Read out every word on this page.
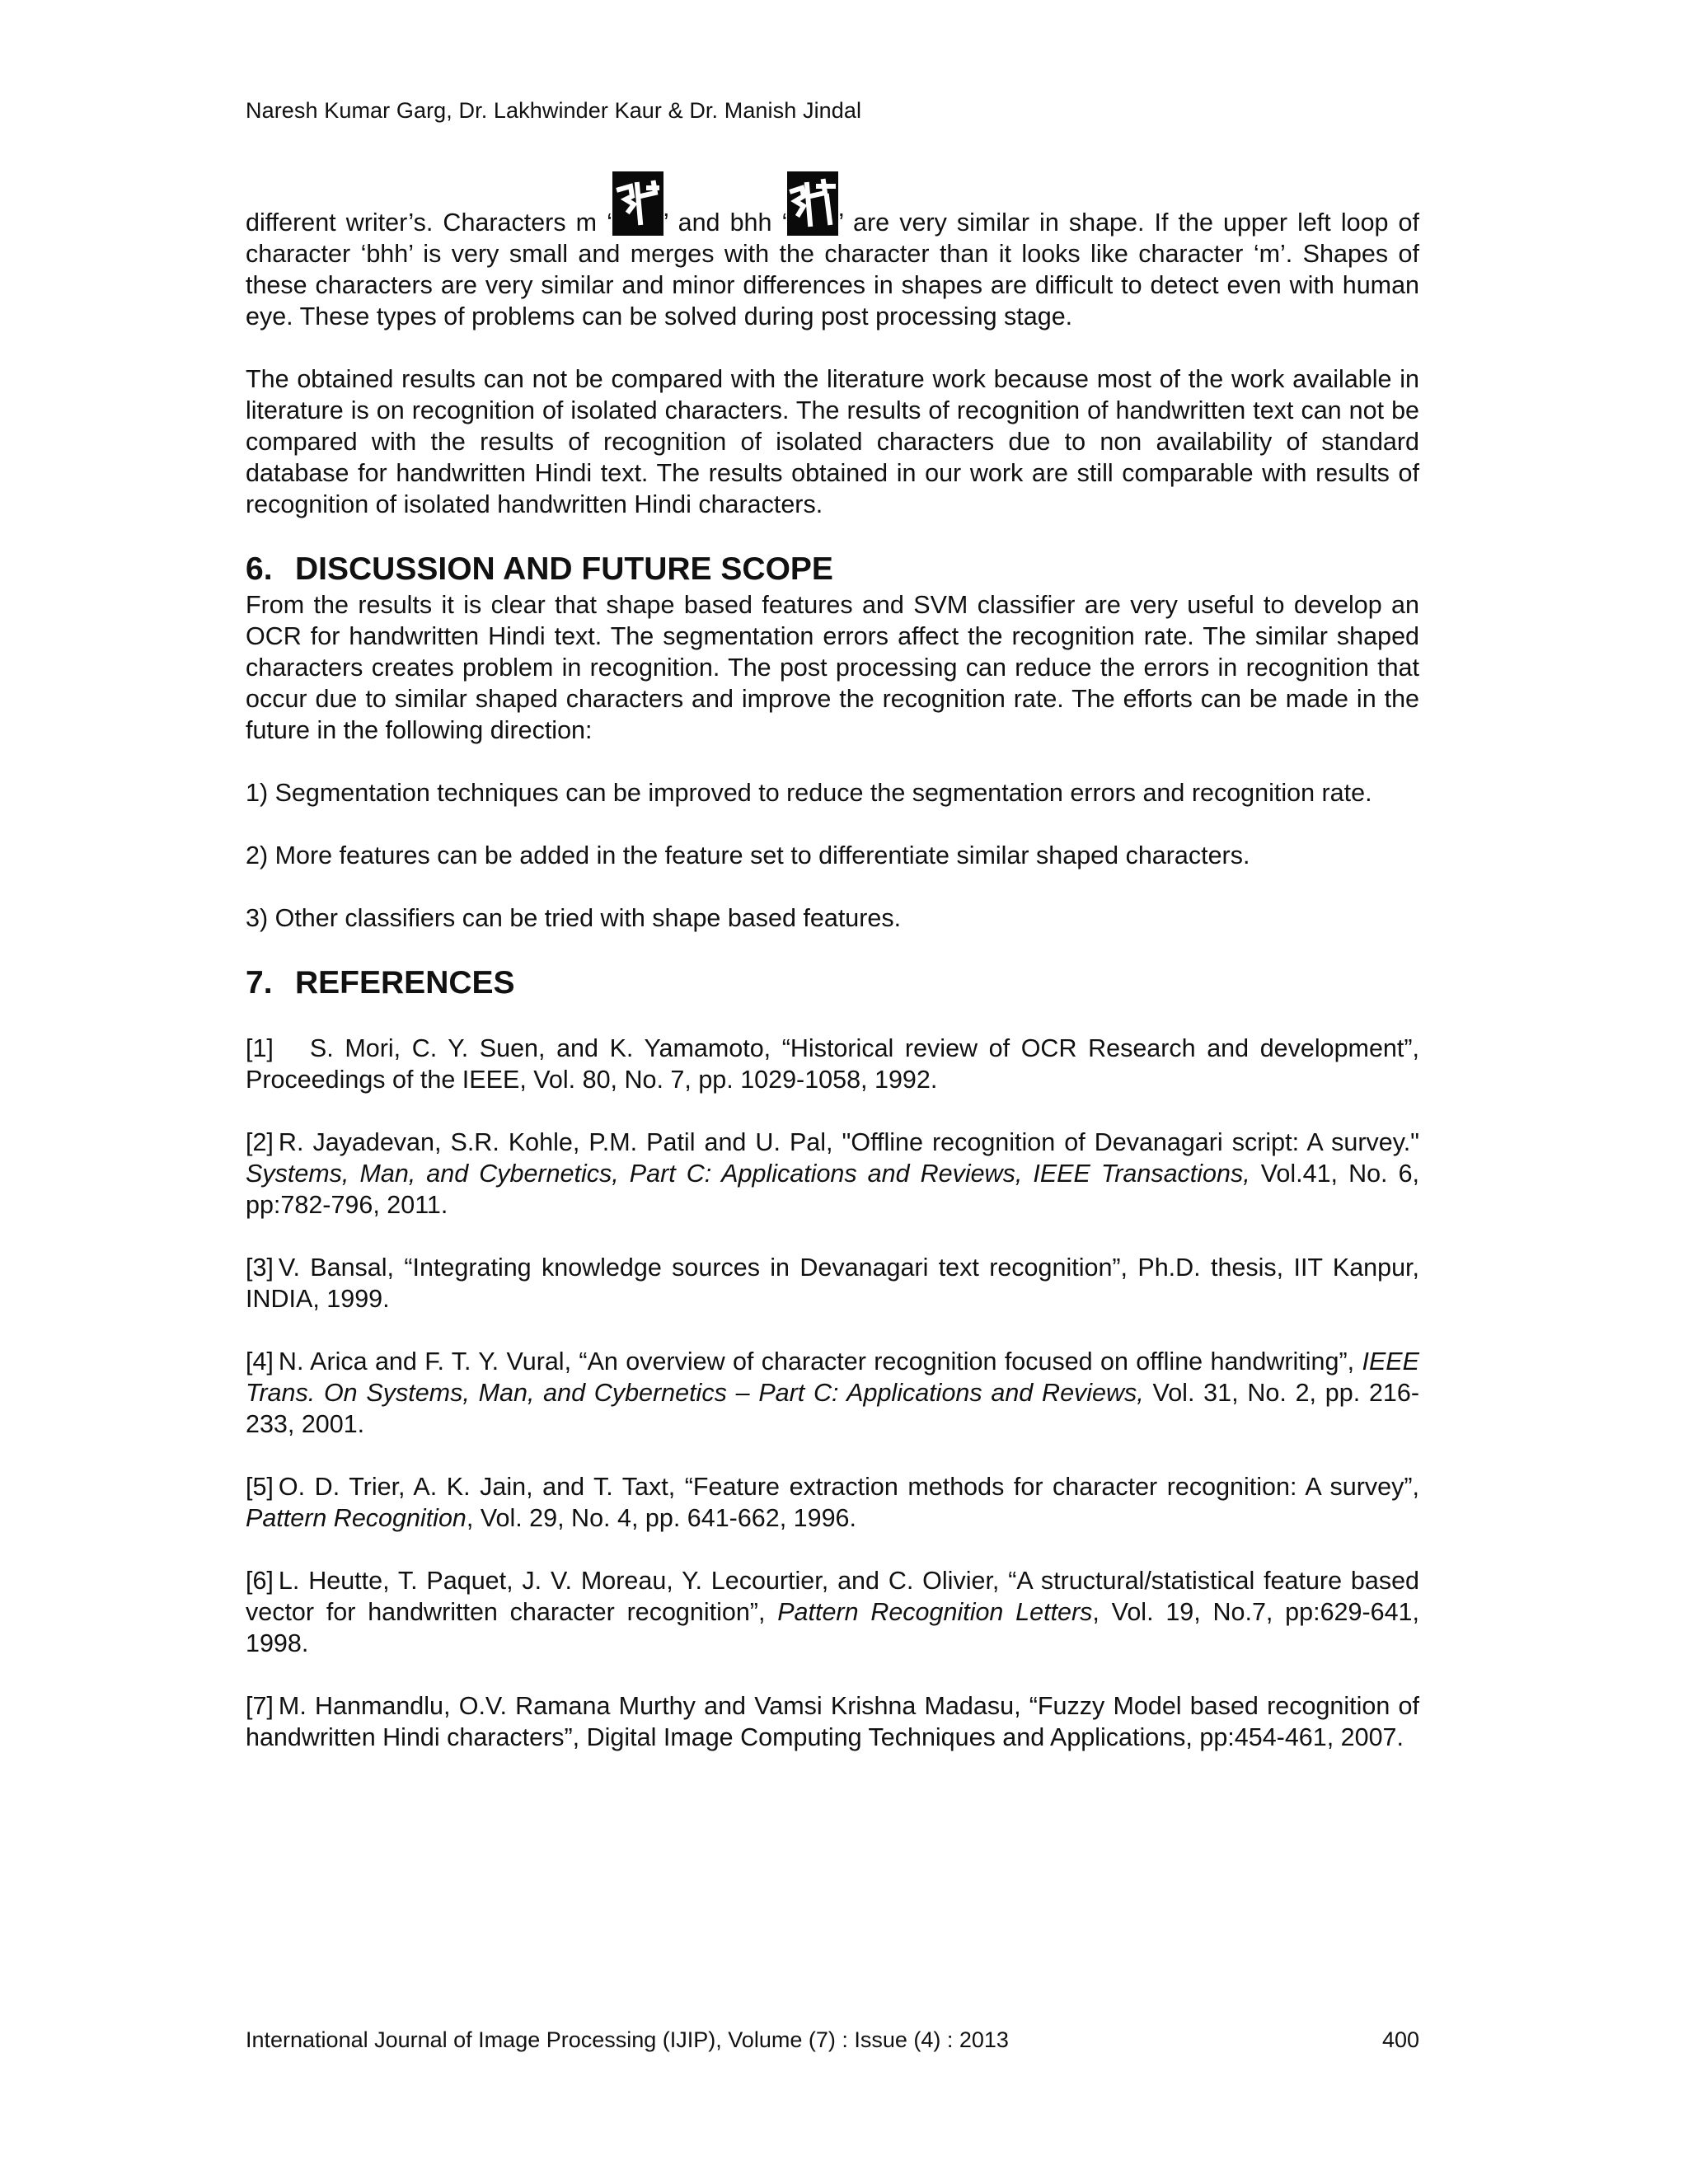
Naresh Kumar Garg, Dr. Lakhwinder Kaur & Dr. Manish Jindal

different writer’s. Characters m ‘ ’ and bhh ‘ ’ are very similar in shape. If the upper left loop of character ‘bhh’ is very small and merges with the character than it looks like character ‘m’. Shapes of these characters are very similar and minor differences in shapes are difficult to detect even with human eye. These types of problems can be solved during post processing stage.

The obtained results can not be compared with the literature work because most of the work available in literature is on recognition of isolated characters. The results of recognition of handwritten text can not be compared with the results of recognition of isolated characters due to non availability of standard database for handwritten Hindi text. The results obtained in our work are still comparable with results of recognition of isolated handwritten Hindi characters.

6. DISCUSSION AND FUTURE SCOPE

From the results it is clear that shape based features and SVM classifier are very useful to develop an OCR for handwritten Hindi text. The segmentation errors affect the recognition rate. The similar shaped characters creates problem in recognition. The post processing can reduce the errors in recognition that occur due to similar shaped characters and improve the recognition rate. The efforts can be made in the future in the following direction:

1) Segmentation techniques can be improved to reduce the segmentation errors and recognition rate.

2) More features can be added in the feature set to differentiate similar shaped characters.

3) Other classifiers can be tried with shape based features.

7. REFERENCES

[1] S. Mori, C. Y. Suen, and K. Yamamoto, “Historical review of OCR Research and development”, Proceedings of the IEEE, Vol. 80, No. 7, pp. 1029-1058, 1992.

[2] R. Jayadevan, S.R. Kohle, P.M. Patil and U. Pal, "Offline recognition of Devanagari script: A survey." Systems, Man, and Cybernetics, Part C: Applications and Reviews, IEEE Transactions, Vol.41, No. 6, pp:782-796, 2011.

[3] V. Bansal, “Integrating knowledge sources in Devanagari text recognition”, Ph.D. thesis, IIT Kanpur, INDIA, 1999.

[4] N. Arica and F. T. Y. Vural, “An overview of character recognition focused on offline handwriting”, IEEE Trans. On Systems, Man, and Cybernetics – Part C: Applications and Reviews, Vol. 31, No. 2, pp. 216-233, 2001.

[5] O. D. Trier, A. K. Jain, and T. Taxt, “Feature extraction methods for character recognition: A survey”, Pattern Recognition, Vol. 29, No. 4, pp. 641-662, 1996.

[6] L. Heutte, T. Paquet, J. V. Moreau, Y. Lecourtier, and C. Olivier, “A structural/statistical feature based vector for handwritten character recognition”, Pattern Recognition Letters, Vol. 19, No.7, pp:629-641, 1998.

[7] M. Hanmandlu, O.V. Ramana Murthy and Vamsi Krishna Madasu, “Fuzzy Model based recognition of handwritten Hindi characters”, Digital Image Computing Techniques and Applications, pp:454-461, 2007.

International Journal of Image Processing (IJIP), Volume (7) : Issue (4) : 2013	400
